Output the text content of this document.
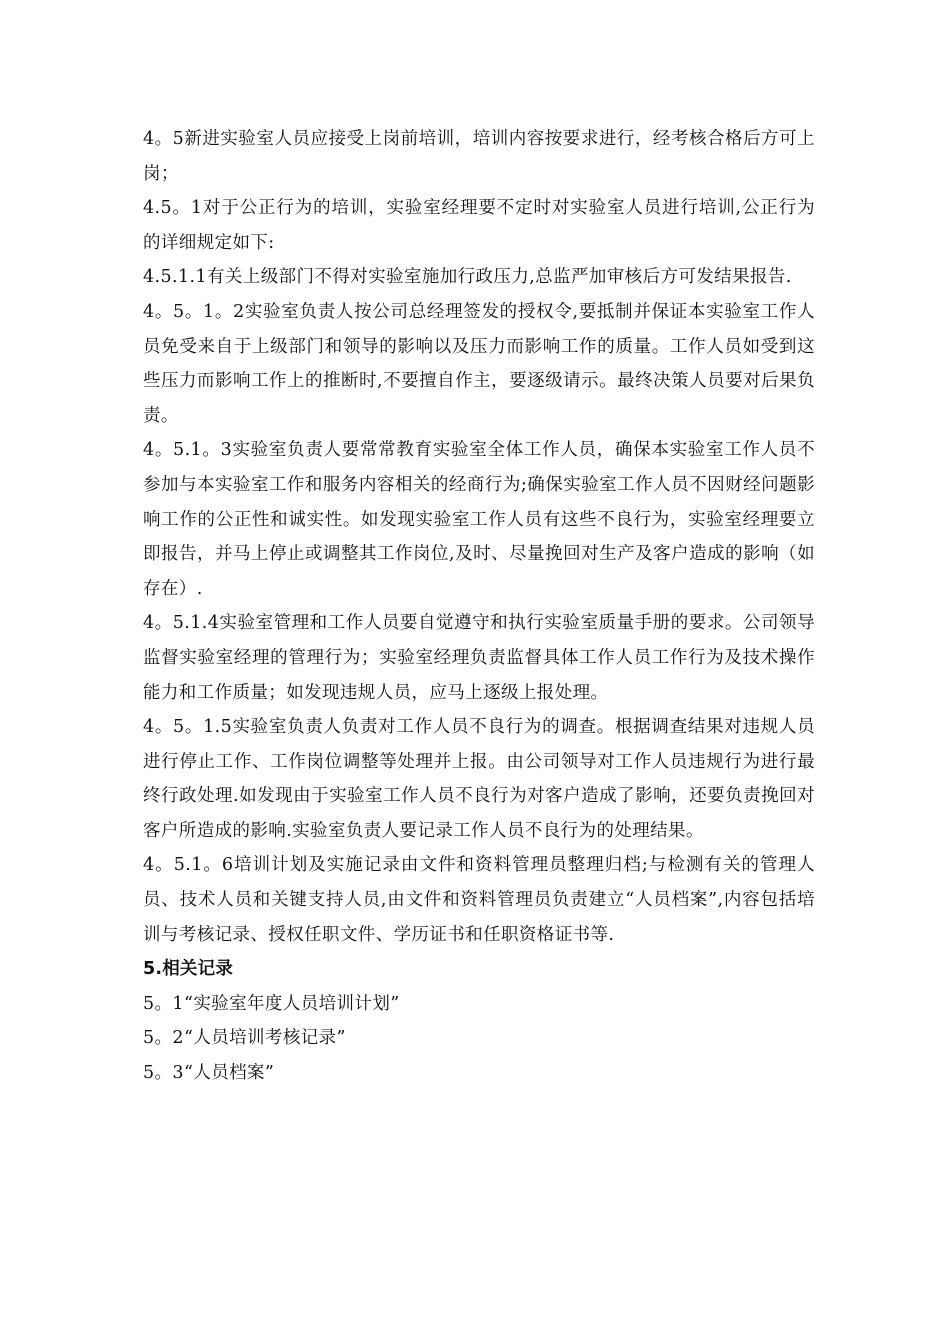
4。5新进实验室人员应接受上岗前培训，培训内容按要求进行，经考核合格后方可上岗；

4.5。1对于公正行为的培训，实验室经理要不定时对实验室人员进行培训,公正行为的详细规定如下:

4.5.1.1有关上级部门不得对实验室施加行政压力,总监严加审核后方可发结果报告.

4。5。1。2实验室负责人按公司总经理签发的授权令,要抵制并保证本实验室工作人员免受来自于上级部门和领导的影响以及压力而影响工作的质量。工作人员如受到这些压力而影响工作上的推断时,不要擅自作主，要逐级请示。最终决策人员要对后果负责。

4。5.1。3实验室负责人要常常教育实验室全体工作人员，确保本实验室工作人员不参加与本实验室工作和服务内容相关的经商行为;确保实验室工作人员不因财经问题影响工作的公正性和诚实性。如发现实验室工作人员有这些不良行为，实验室经理要立即报告，并马上停止或调整其工作岗位,及时、尽量挽回对生产及客户造成的影响（如存在）.

4。5.1.4实验室管理和工作人员要自觉遵守和执行实验室质量手册的要求。公司领导监督实验室经理的管理行为；实验室经理负责监督具体工作人员工作行为及技术操作能力和工作质量；如发现违规人员，应马上逐级上报处理。

4。5。1.5实验室负责人负责对工作人员不良行为的调查。根据调查结果对违规人员进行停止工作、工作岗位调整等处理并上报。由公司领导对工作人员违规行为进行最终行政处理.如发现由于实验室工作人员不良行为对客户造成了影响，还要负责挽回对客户所造成的影响.实验室负责人要记录工作人员不良行为的处理结果。

4。5.1。6培训计划及实施记录由文件和资料管理员整理归档;与检测有关的管理人员、技术人员和关键支持人员,由文件和资料管理员负责建立“人员档案”,内容包括培训与考核记录、授权任职文件、学历证书和任职资格证书等.

5.相关记录

5。1“实验室年度人员培训计划”

5。2“人员培训考核记录”

5。3“人员档案”
